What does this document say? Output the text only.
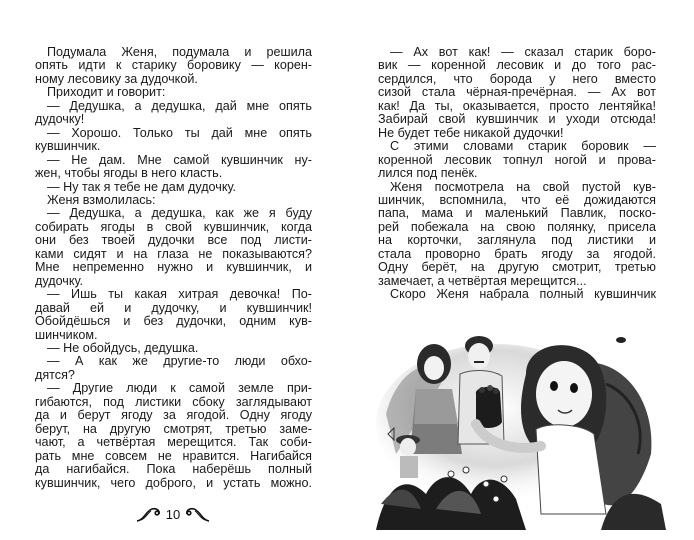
Подумала Женя, подумала и решила
опять идти к старику боровику — корен-
ному лесовику за дудочкой.
Приходит и говорит:
— Дедушка, а дедушка, дай мне опять
дудочку!
— Хорошо. Только ты дай мне опять
кувшинчик.
— Не дам. Мне самой кувшинчик ну-
жен, чтобы ягоды в него класть.
— Ну так я тебе не дам дудочку.
Женя взмолилась:
— Дедушка, а дедушка, как же я буду
собирать ягоды в свой кувшинчик, когда
они без твоей дудочки все под листи-
ками сидят и на глаза не показываются?
Мне непременно нужно и кувшинчик, и
дудочку.
— Ишь ты какая хитрая девочка! По-
давай ей и дудочку, и кувшинчик!
Обойдёшься и без дудочки, одним кув-
шинчиком.
— Не обойдусь, дедушка.
— А как же другие-то люди обхо-
дятся?
— Другие люди к самой земле при-
гибаются, под листики сбоку заглядывают
да и берут ягоду за ягодой. Одну ягоду
берут, на другую смотрят, третью заме-
чают, а четвёртая мерещится. Так соби-
рать мне совсем не нравится. Нагибайся
да нагибайся. Пока наберёшь полный
кувшинчик, чего доброго, и устать можно.
10
— Ах вот как! — сказал старик боро-
вик — коренной лесовик и до того рас-
сердился, что борода у него вместо
сизой стала чёрная-пречёрная. — Ах вот
как! Да ты, оказывается, просто лентяйка!
Забирай свой кувшинчик и уходи отсюда!
Не будет тебе никакой дудочки!
С этими словами старик боровик —
коренной лесовик топнул ногой и прова-
лился под пенёк.
Женя посмотрела на свой пустой кув-
шинчик, вспомнила, что её дожидаются
папа, мама и маленький Павлик, поско-
рей побежала на свою полянку, присела
на корточки, заглянула под листики и
стала проворно брать ягоду за ягодой.
Одну берёт, на другую смотрит, третью
замечает, а четвёртая мерещится...
Скоро Женя набрала полный кувшинчик
